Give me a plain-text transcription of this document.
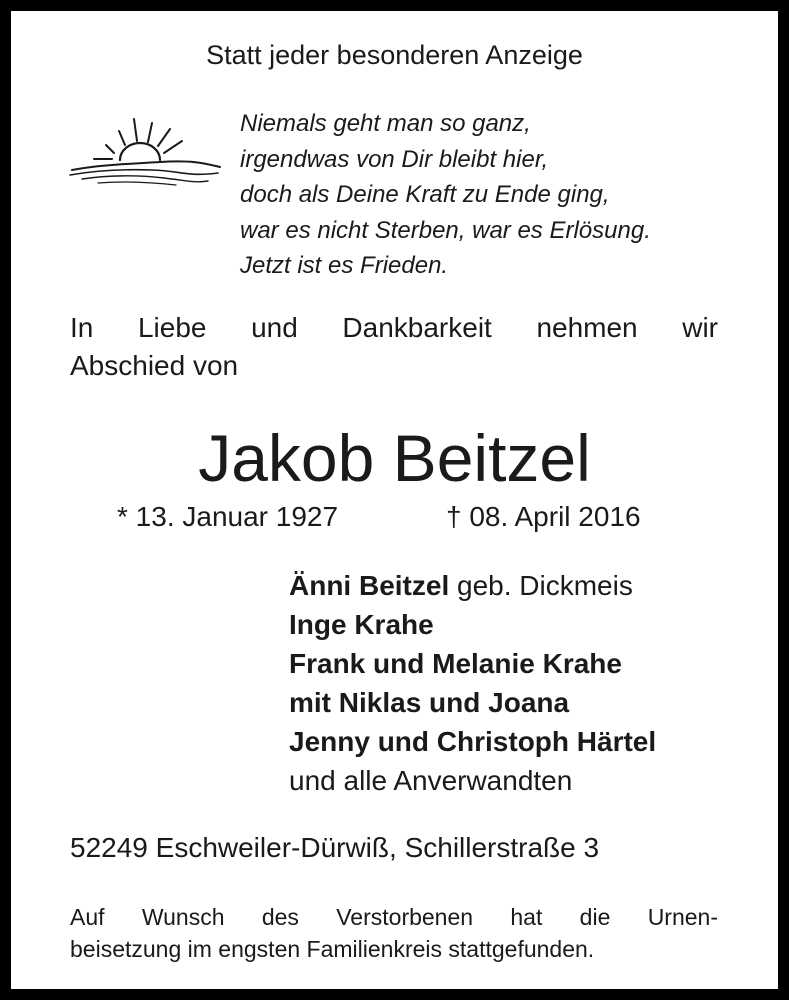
Statt jeder besonderen Anzeige
Niemals geht man so ganz,
irgendwas von Dir bleibt hier,
doch als Deine Kraft zu Ende ging,
war es nicht Sterben, war es Erlösung.
Jetzt ist es Frieden.
In Liebe und Dankbarkeit nehmen wir
Abschied von
Jakob Beitzel
* 13. Januar 1927	† 08. April 2016
Änni Beitzel geb. Dickmeis
Inge Krahe
Frank und Melanie Krahe
mit Niklas und Joana
Jenny und Christoph Härtel
und alle Anverwandten
52249 Eschweiler-Dürwiß, Schillerstraße 3
Auf Wunsch des Verstorbenen hat die Urnen-
beisetzung im engsten Familienkreis stattgefunden.
